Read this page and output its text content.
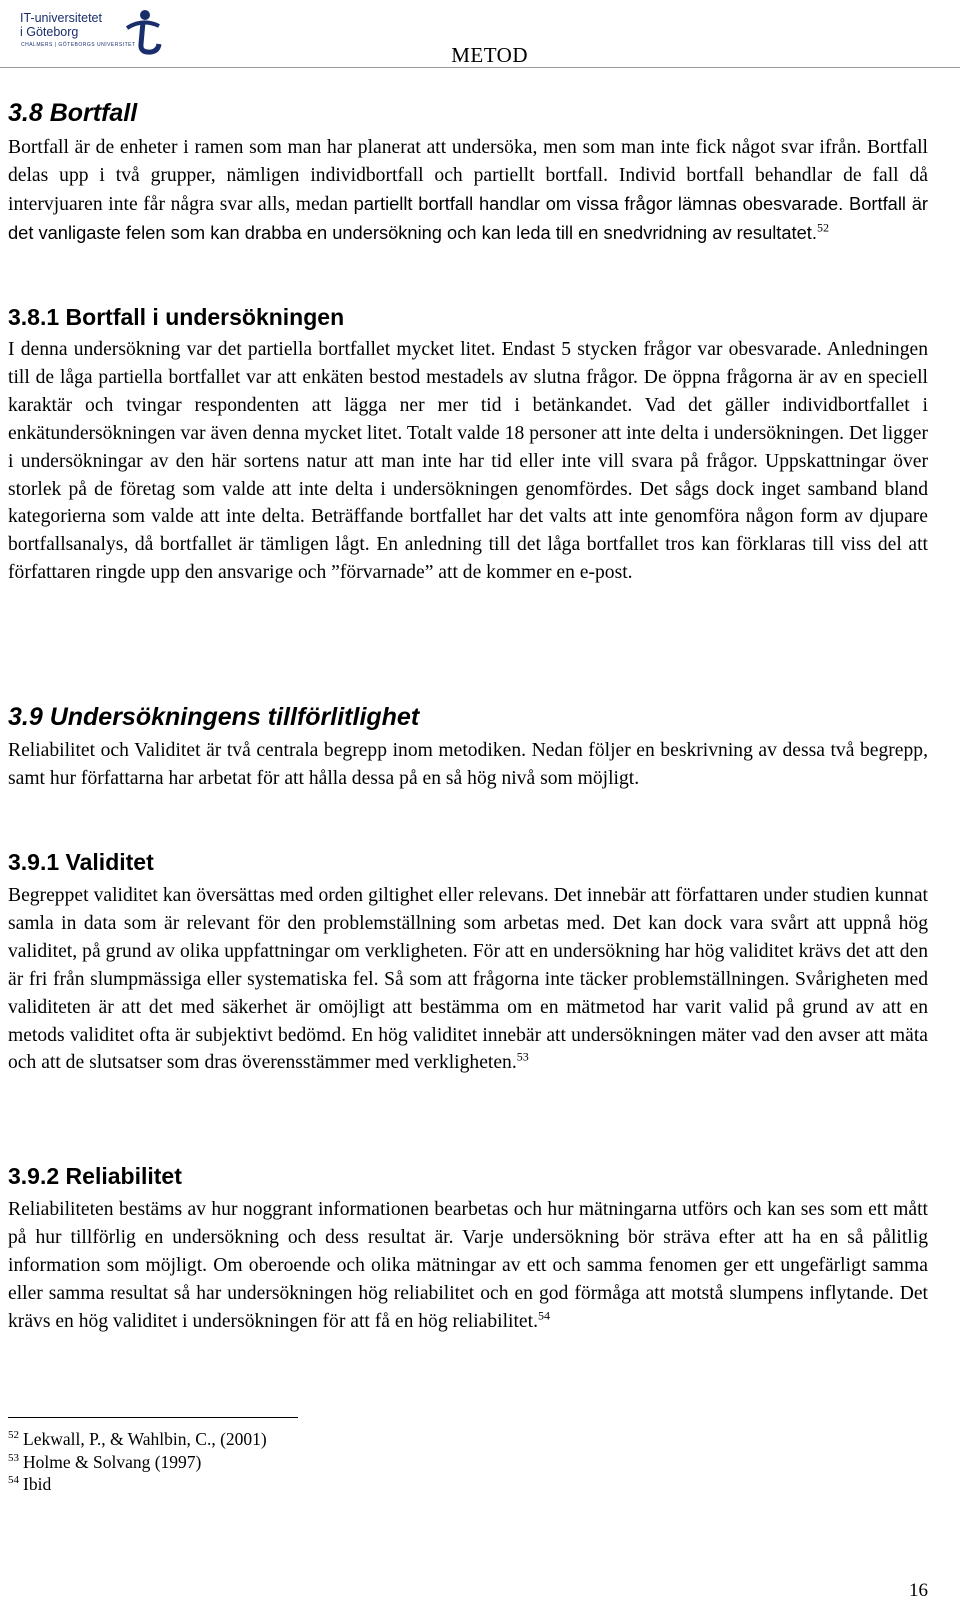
IT-universitetet
i Göteborg
CHALMERS | GÖTEBORGS UNIVERSITET	METOD
3.8 Bortfall

Bortfall är de enheter i ramen som man har planerat att undersöka, men som man inte fick något svar ifrån. Bortfall delas upp i två grupper, nämligen individbortfall och partiellt bortfall. Individ bortfall behandlar de fall då intervjuaren inte får några svar alls, medan partiellt bortfall handlar om vissa frågor lämnas obesvarade. Bortfall är det vanligaste felen som kan drabba en undersökning och kan leda till en snedvridning av resultatet.$^{52}$

3.8.1 Bortfall i undersökningen

I denna undersökning var det partiella bortfallet mycket litet. Endast 5 stycken frågor var obesvarade. Anledningen till de låga partiella bortfallet var att enkäten bestod mestadels av slutna frågor. De öppna frågorna är av en speciell karaktär och tvingar respondenten att lägga ner mer tid i betänkandet. Vad det gäller individbortfallet i enkätundersökningen var även denna mycket litet. Totalt valde 18 personer att inte delta i undersökningen. Det ligger i undersökningar av den här sortens natur att man inte har tid eller inte vill svara på frågor. Uppskattningar över storlek på de företag som valde att inte delta i undersökningen genomfördes. Det sågs dock inget samband bland kategorierna som valde att inte delta. Beträffande bortfallet har det valts att inte genomföra någon form av djupare bortfallsanalys, då bortfallet är tämligen lågt. En anledning till det låga bortfallet tros kan förklaras till viss del att författaren ringde upp den ansvarige och ”förvarnade” att de kommer en e-post.

3.9 Undersökningens tillförlitlighet

Reliabilitet och Validitet är två centrala begrepp inom metodiken. Nedan följer en beskrivning av dessa två begrepp, samt hur författarna har arbetat för att hålla dessa på en så hög nivå som möjligt.

3.9.1 Validitet

Begreppet validitet kan översättas med orden giltighet eller relevans. Det innebär att författaren under studien kunnat samla in data som är relevant för den problemställning som arbetas med. Det kan dock vara svårt att uppnå hög validitet, på grund av olika uppfattningar om verkligheten. För att en undersökning har hög validitet krävs det att den är fri från slumpmässiga eller systematiska fel. Så som att frågorna inte täcker problemställningen. Svårigheten med validiteten är att det med säkerhet är omöjligt att bestämma om en mätmetod har varit valid på grund av att en metods validitet ofta är subjektivt bedömd. En hög validitet innebär att undersökningen mäter vad den avser att mäta och att de slutsatser som dras överensstämmer med verkligheten.$^{53}$

3.9.2 Reliabilitet

Reliabiliteten bestäms av hur noggrant informationen bearbetas och hur mätningarna utförs och kan ses som ett mått på hur tillförlig en undersökning och dess resultat är. Varje undersökning bör sträva efter att ha en så pålitlig information som möjligt. Om oberoende och olika mätningar av ett och samma fenomen ger ett ungefärligt samma eller samma resultat så har undersökningen hög reliabilitet och en god förmåga att motstå slumpens inflytande. Det krävs en hög validitet i undersökningen för att få en hög reliabilitet.$^{54}$

$^{52}$ Lekwall, P., & Wahlbin, C., (2001)
$^{53}$ Holme & Solvang (1997)
$^{54}$ Ibid
16
